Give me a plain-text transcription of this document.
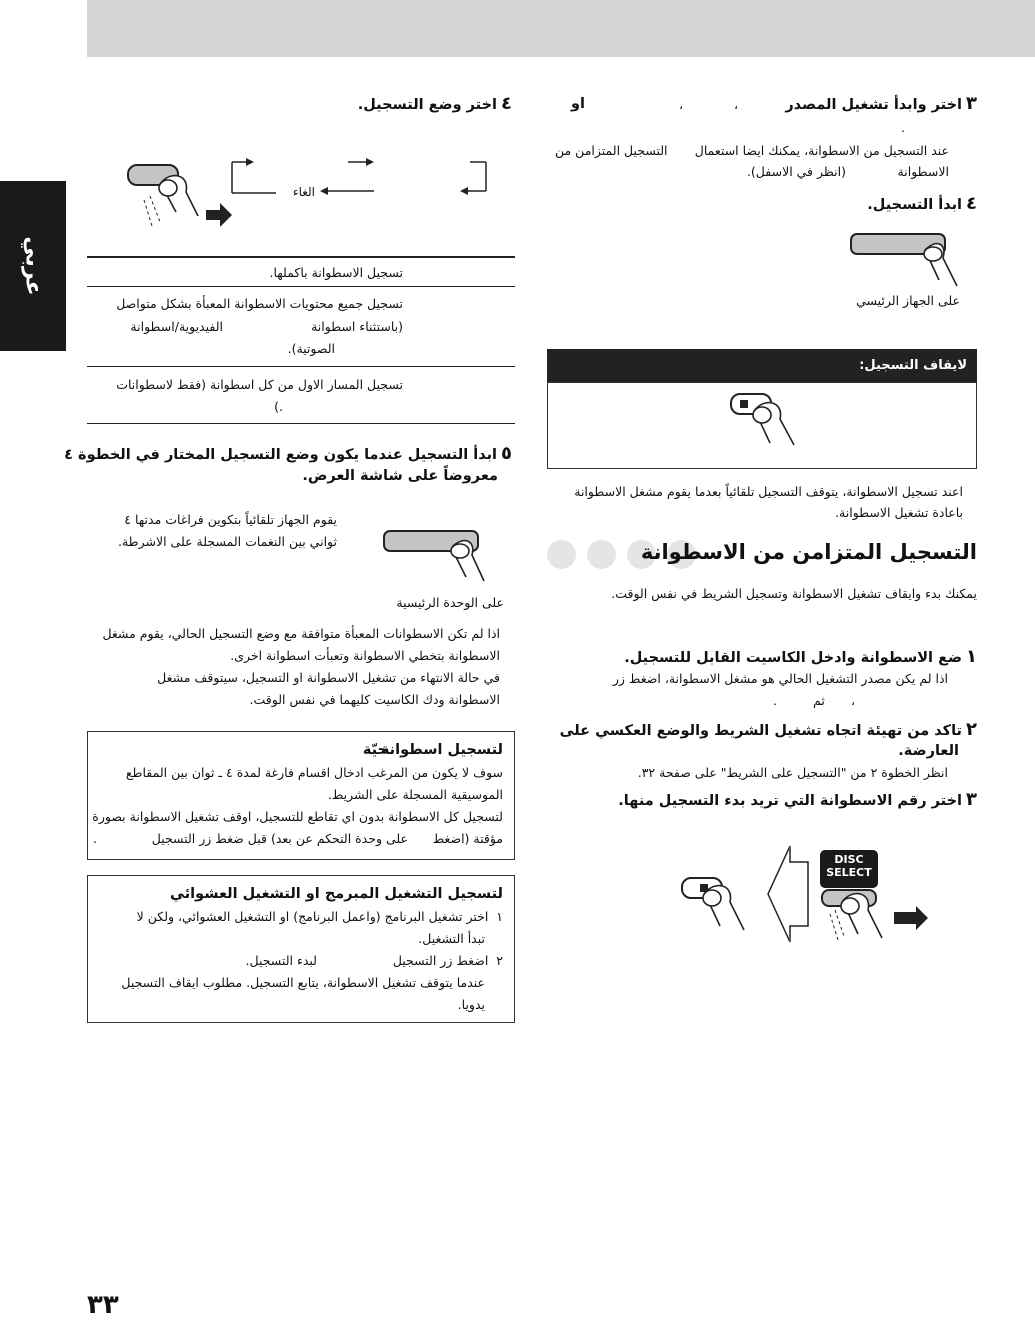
عربي
٣اختر وابدأ تشغيل المصدر
،	،
او
.
عند التسجيل من الاسطوانة، يمكنك ايضا استعمال
التسجيل المتزامن من
الاسطوانة
(انظر في الاسفل).
٤ابدأ التسجيل.
على الجهاز الرئيسي
لايقاف التسجيل:
اعند تسجيل الاسطوانة، يتوقف التسجيل تلقائياً بعدما يقوم مشغل الاسطوانة
باعادة تشغيل الاسطوانة.
التسجيل المتزامن من الاسطوانة
يمكنك بدء وايقاف تشغيل الاسطوانة وتسجيل الشريط في نفس الوقت.
١ضع الاسطوانة وادخل الكاسيت القابل للتسجيل.
اذا لم يكن مصدر التشغيل الحالي هو مشغل الاسطوانة، اضغط زر
،
ثم
.
٢تاكد من تهيئة اتجاه تشغيل الشريط والوضع العكسي على
العارضة.
انظر الخطوة ٢ من "التسجيل على الشريط" على صفحة ٣٢.
٣اختر رقم الاسطوانة التي تريد بدء التسجيل منها.
DISC
SELECT
٤اختر وضع التسجيل.
الغاء
تسجيل الاسطوانة باكملها.
تسجيل جميع محتويات الاسطوانة المعبأة بشكل متواصل
(باستثناء اسطوانة
الفيديوية/اسطوانة
الصوتية).
تسجيل المسار الاول من كل اسطوانة (فقط لاسطوانات
.)
٥ابدأ التسجيل عندما يكون وضع التسجيل المختار في الخطوة ٤
معروضاً على شاشة العرض.
يقوم الجهاز تلقائياً بتكوين فراغات مدتها ٤
ثواني بين النغمات المسجلة على الاشرطة.
على الوحدة الرئيسية
اذا لم تكن الاسطوانات المعبأة متوافقة مع وضع التسجيل الحالي، يقوم مشغل
الاسطوانة بتخطي الاسطوانة وتعبأت اسطوانة اخرى.
في حالة الانتهاء من تشغيل الاسطوانة او التسجيل، سيتوقف مشغل
الاسطوانة ودك الكاسيت كليهما في نفس الوقت.
لتسجيل اسطوانة
حيّة
سوف لا يكون من المرغب ادخال اقسام فارغة لمدة ٤ ـ ثوان بين المقاطع
الموسيقية المسجلة على الشريط.
لتسجيل كل الاسطوانة بدون اي تقاطع للتسجيل، اوقف تشغيل الاسطوانة بصورة
مؤقتة (اضغط
على وحدة التحكم عن بعد) قبل ضغط زر التسجيل
.
لتسجيل التشغيل المبرمج او التشغيل العشوائي
١  اختر تشغيل البرنامج (واعمل البرنامج) او التشغيل العشوائي، ولكن لا
تبدأ التشغيل.
٢  اضغط زر التسجيل
لبدء التسجيل.
عندما يتوقف تشغيل الاسطوانة، يتابع التسجيل. مطلوب ايقاف التسجيل
يدويا.
٣٣
